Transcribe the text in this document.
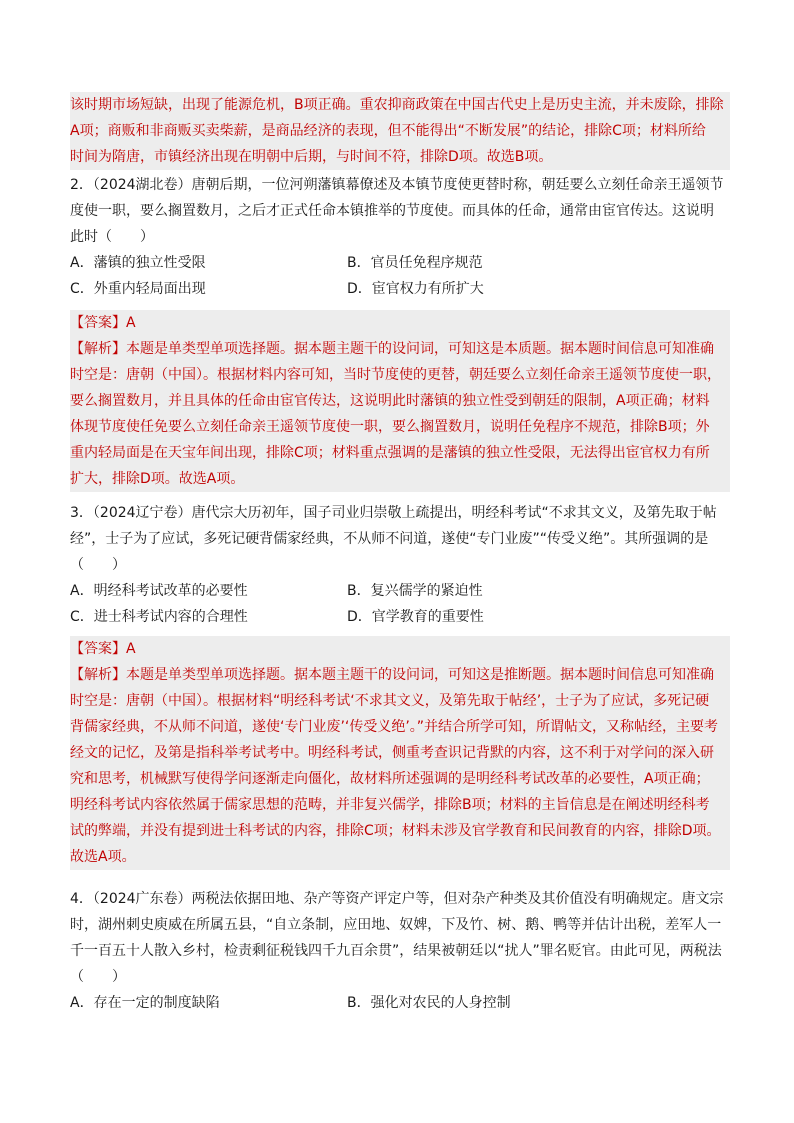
该时期市场短缺，出现了能源危机，B项正确。重农抑商政策在中国古代史上是历史主流，并未废除，排除
A项；商贩和非商贩买卖柴薪，是商品经济的表现，但不能得出“不断发展”的结论，排除C项；材料所给
时间为隋唐，市镇经济出现在明朝中后期，与时间不符，排除D项。故选B项。
2．（2024湖北卷）唐朝后期，一位河朔藩镇幕僚述及本镇节度使更替时称，朝廷要么立刻任命亲王遥领节
度使一职，要么搁置数月，之后才正式任命本镇推举的节度使。而具体的任命，通常由宦官传达。这说明
此时（　　）
A．藩镇的独立性受限	B．官员任免程序规范
C．外重内轻局面出现	D．宦官权力有所扩大
【答案】A
【解析】本题是单类型单项选择题。据本题主题干的设问词，可知这是本质题。据本题时间信息可知准确
时空是：唐朝（中国）。根据材料内容可知，当时节度使的更替，朝廷要么立刻任命亲王遥领节度使一职，
要么搁置数月，并且具体的任命由宦官传达，这说明此时藩镇的独立性受到朝廷的限制，A项正确；材料
体现节度使任免要么立刻任命亲王遥领节度使一职，要么搁置数月，说明任免程序不规范，排除B项；外
重内轻局面是在天宝年间出现，排除C项；材料重点强调的是藩镇的独立性受限，无法得出宦官权力有所
扩大，排除D项。故选A项。
3．（2024辽宁卷）唐代宗大历初年，国子司业归崇敬上疏提出，明经科考试“不求其文义，及第先取于帖
经”，士子为了应试，多死记硬背儒家经典，不从师不问道，遂使“专门业废”“传受义绝”。其所强调的是
（　　）
A．明经科考试改革的必要性	B．复兴儒学的紧迫性
C．进士科考试内容的合理性	D．官学教育的重要性
【答案】A
【解析】本题是单类型单项选择题。据本题主题干的设问词，可知这是推断题。据本题时间信息可知准确
时空是：唐朝（中国）。根据材料“明经科考试‘不求其文义，及第先取于帖经’，士子为了应试，多死记硬
背儒家经典，不从师不问道，遂使‘专门业废’‘传受义绝’。”并结合所学可知，所谓帖文，又称帖经，主要考
经文的记忆，及第是指科举考试考中。明经科考试，侧重考查识记背默的内容，这不利于对学问的深入研
究和思考，机械默写使得学问逐渐走向僵化，故材料所述强调的是明经科考试改革的必要性，A项正确；
明经科考试内容依然属于儒家思想的范畴，并非复兴儒学，排除B项；材料的主旨信息是在阐述明经科考
试的弊端，并没有提到进士科考试的内容，排除C项；材料未涉及官学教育和民间教育的内容，排除D项。
故选A项。
4．（2024广东卷）两税法依据田地、杂产等资产评定户等，但对杂产种类及其价值没有明确规定。唐文宗
时，湖州刺史庾威在所属五县，“自立条制，应田地、奴婢，下及竹、树、鹅、鸭等并估计出税，差军人一
千一百五十人散入乡村，检责剩征税钱四千九百余贯”，结果被朝廷以“扰人”罪名贬官。由此可见，两税法
（　　）
A．存在一定的制度缺陷	B．强化对农民的人身控制
